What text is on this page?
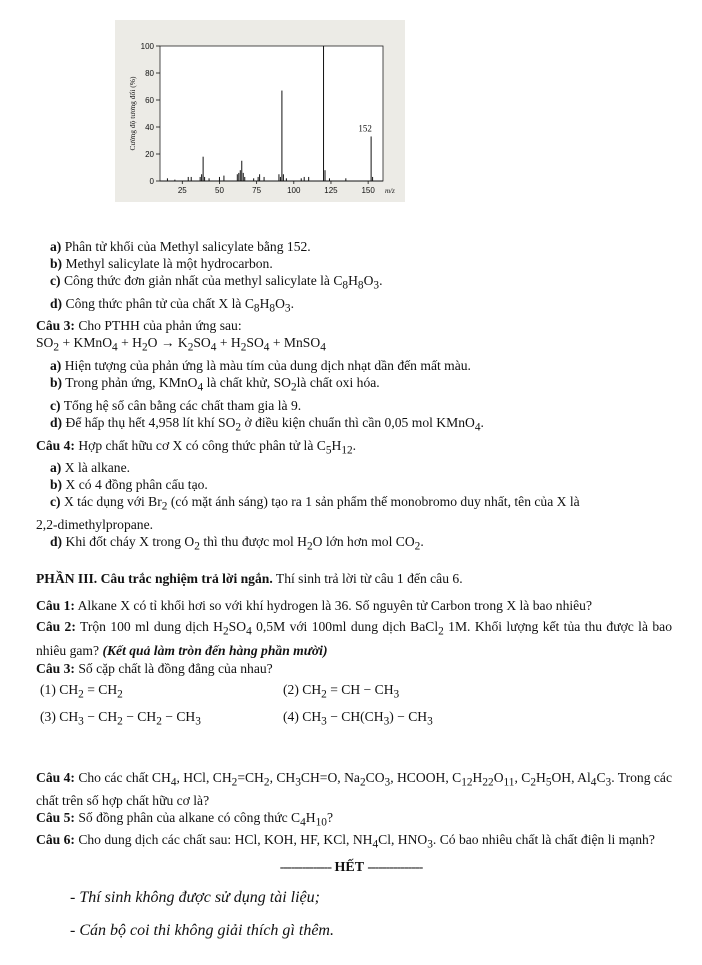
0
20
40
60
80
100
25	50	75	100	125	150
152
m/z
Cường độ tương đối (%)
a) Phân tử khối của Methyl salicylate bằng 152.
b) Methyl salicylate là một hydrocarbon.
c) Công thức đơn giản nhất của methyl salicylate là $C_8H_8O_3$.
d) Công thức phân tử của chất X là $C_8H_8O_3$.
Câu 3: Cho PTHH của phản ứng sau:
$SO_2$ + KMnO$_4$ + $H_2O \to K_2SO_4 + H_2SO_4$ + MnSO$_4$
a) Hiện tượng của phản ứng là màu tím của dung dịch nhạt dần đến mất màu.
b) Trong phản ứng, KMnO$_4$ là chất khử, $SO_2là$ chất oxi hóa.
c) Tổng hệ số cân bằng các chất tham gia là 9.
d) Để hấp thụ hết 4,958 lít khí $SO_2$ ở điều kiện chuẩn thì cần 0,05 mol KMnO$_4$.
Câu 4: Hợp chất hữu cơ X có công thức phân tử là $C_5H_{12}$.
a) X là alkane.
b) X có 4 đồng phân cấu tạo.
c) X tác dụng với $Br_2$ (có mặt ánh sáng) tạo ra 1 sản phẩm thế monobromo duy nhất, tên của X là
2,2-dimethylpropane.
d) Khi đốt cháy X trong $O_2$ thì thu được mol $H_2O$ lớn hơn mol $CO_2$.
PHẦN III. Câu trắc nghiệm trả lời ngắn. Thí sinh trả lời từ câu 1 đến câu 6.
Câu 1: Alkane X có tỉ khối hơi so với khí hydrogen là 36. Số nguyên tử Carbon trong X là bao nhiêu?
Câu 2: Trộn 100 ml dung dịch $H_2SO_4$ 0,5M với 100ml dung dịch BaCl$_2$ 1M. Khối lượng kết tủa thu được là bao nhiêu gam? (Kết quả làm tròn đến hàng phần mười)
Câu 3: Số cặp chất là đồng đẳng của nhau?
(1) $CH_2 = CH_2$	(2) $CH_2$ = CH − $CH_3$
(3) $CH_3 - CH_2 - CH_2 - CH_3$	(4) $CH_3 - CH(CH_3) - CH_3$
Câu 4: Cho các chất $CH_4$, HCl, $CH_2=CH_2$, $CH_3CH=O$, $Na_2CO_3$, HCOOH, $C_{12}H_{22}O_{11}$, $C_2H_5OH$, $Al_4C_3$. Trong các chất trên số hợp chất hữu cơ là?
Câu 5: Số đồng phân của alkane có công thức $C_4H_{10}$?
Câu 6: Cho dung dịch các chất sau: HCl, KOH, HF, KCl, $NH_4Cl$, $HNO_3$. Có bao nhiêu chất là chất điện li mạnh?
-------------- HẾT ---------------
- Thí sinh không được sử dụng tài liệu;
- Cán bộ coi thi không giải thích gì thêm.
